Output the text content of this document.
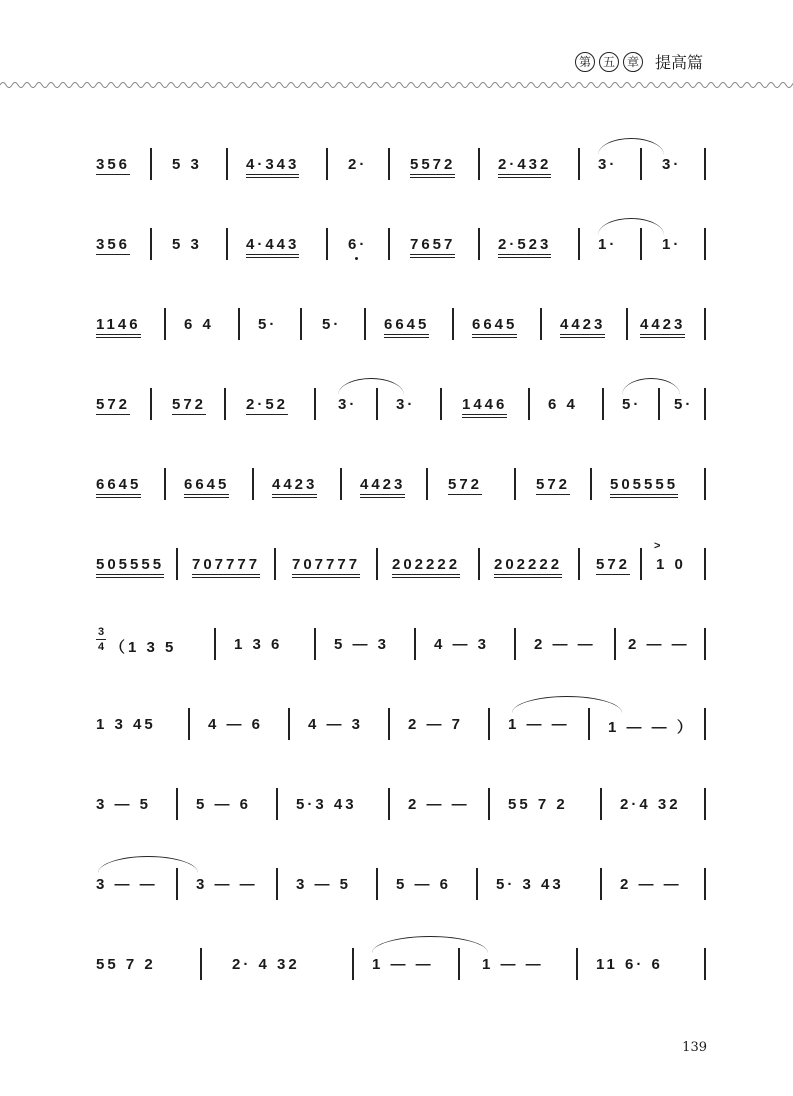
第 五 章 提高篇
356	5 3	4·343	2·	5572	2·432	3·	3·
356	5 3	4·443	6·	7657	2·523	1·	1·
1146	6 4	5·	5·	6645	6645	4423 4423
572	572	2·52	3·	3·	1446	6 4	5· 5·
6645	6645	4423	4423	572	572	505555
505555 707777 707777 202222 202222 572
>
1 0
3
4 （1 3 5	1 3 6	5 — 3	4 — 3	2 — — 2 — —
1 3 45	4 — 6	4 — 3	2 — 7	1 — —	1 — — ）
3 — 5	5 — 6	5·3 43	2 — —	55 7 2	2·4 32
3 — —	3 — —	3 — 5	5 — 6	5· 3 43	2 — —
55 7 2	2· 4 32	1 — —	1 — —	11 6· 6
139
